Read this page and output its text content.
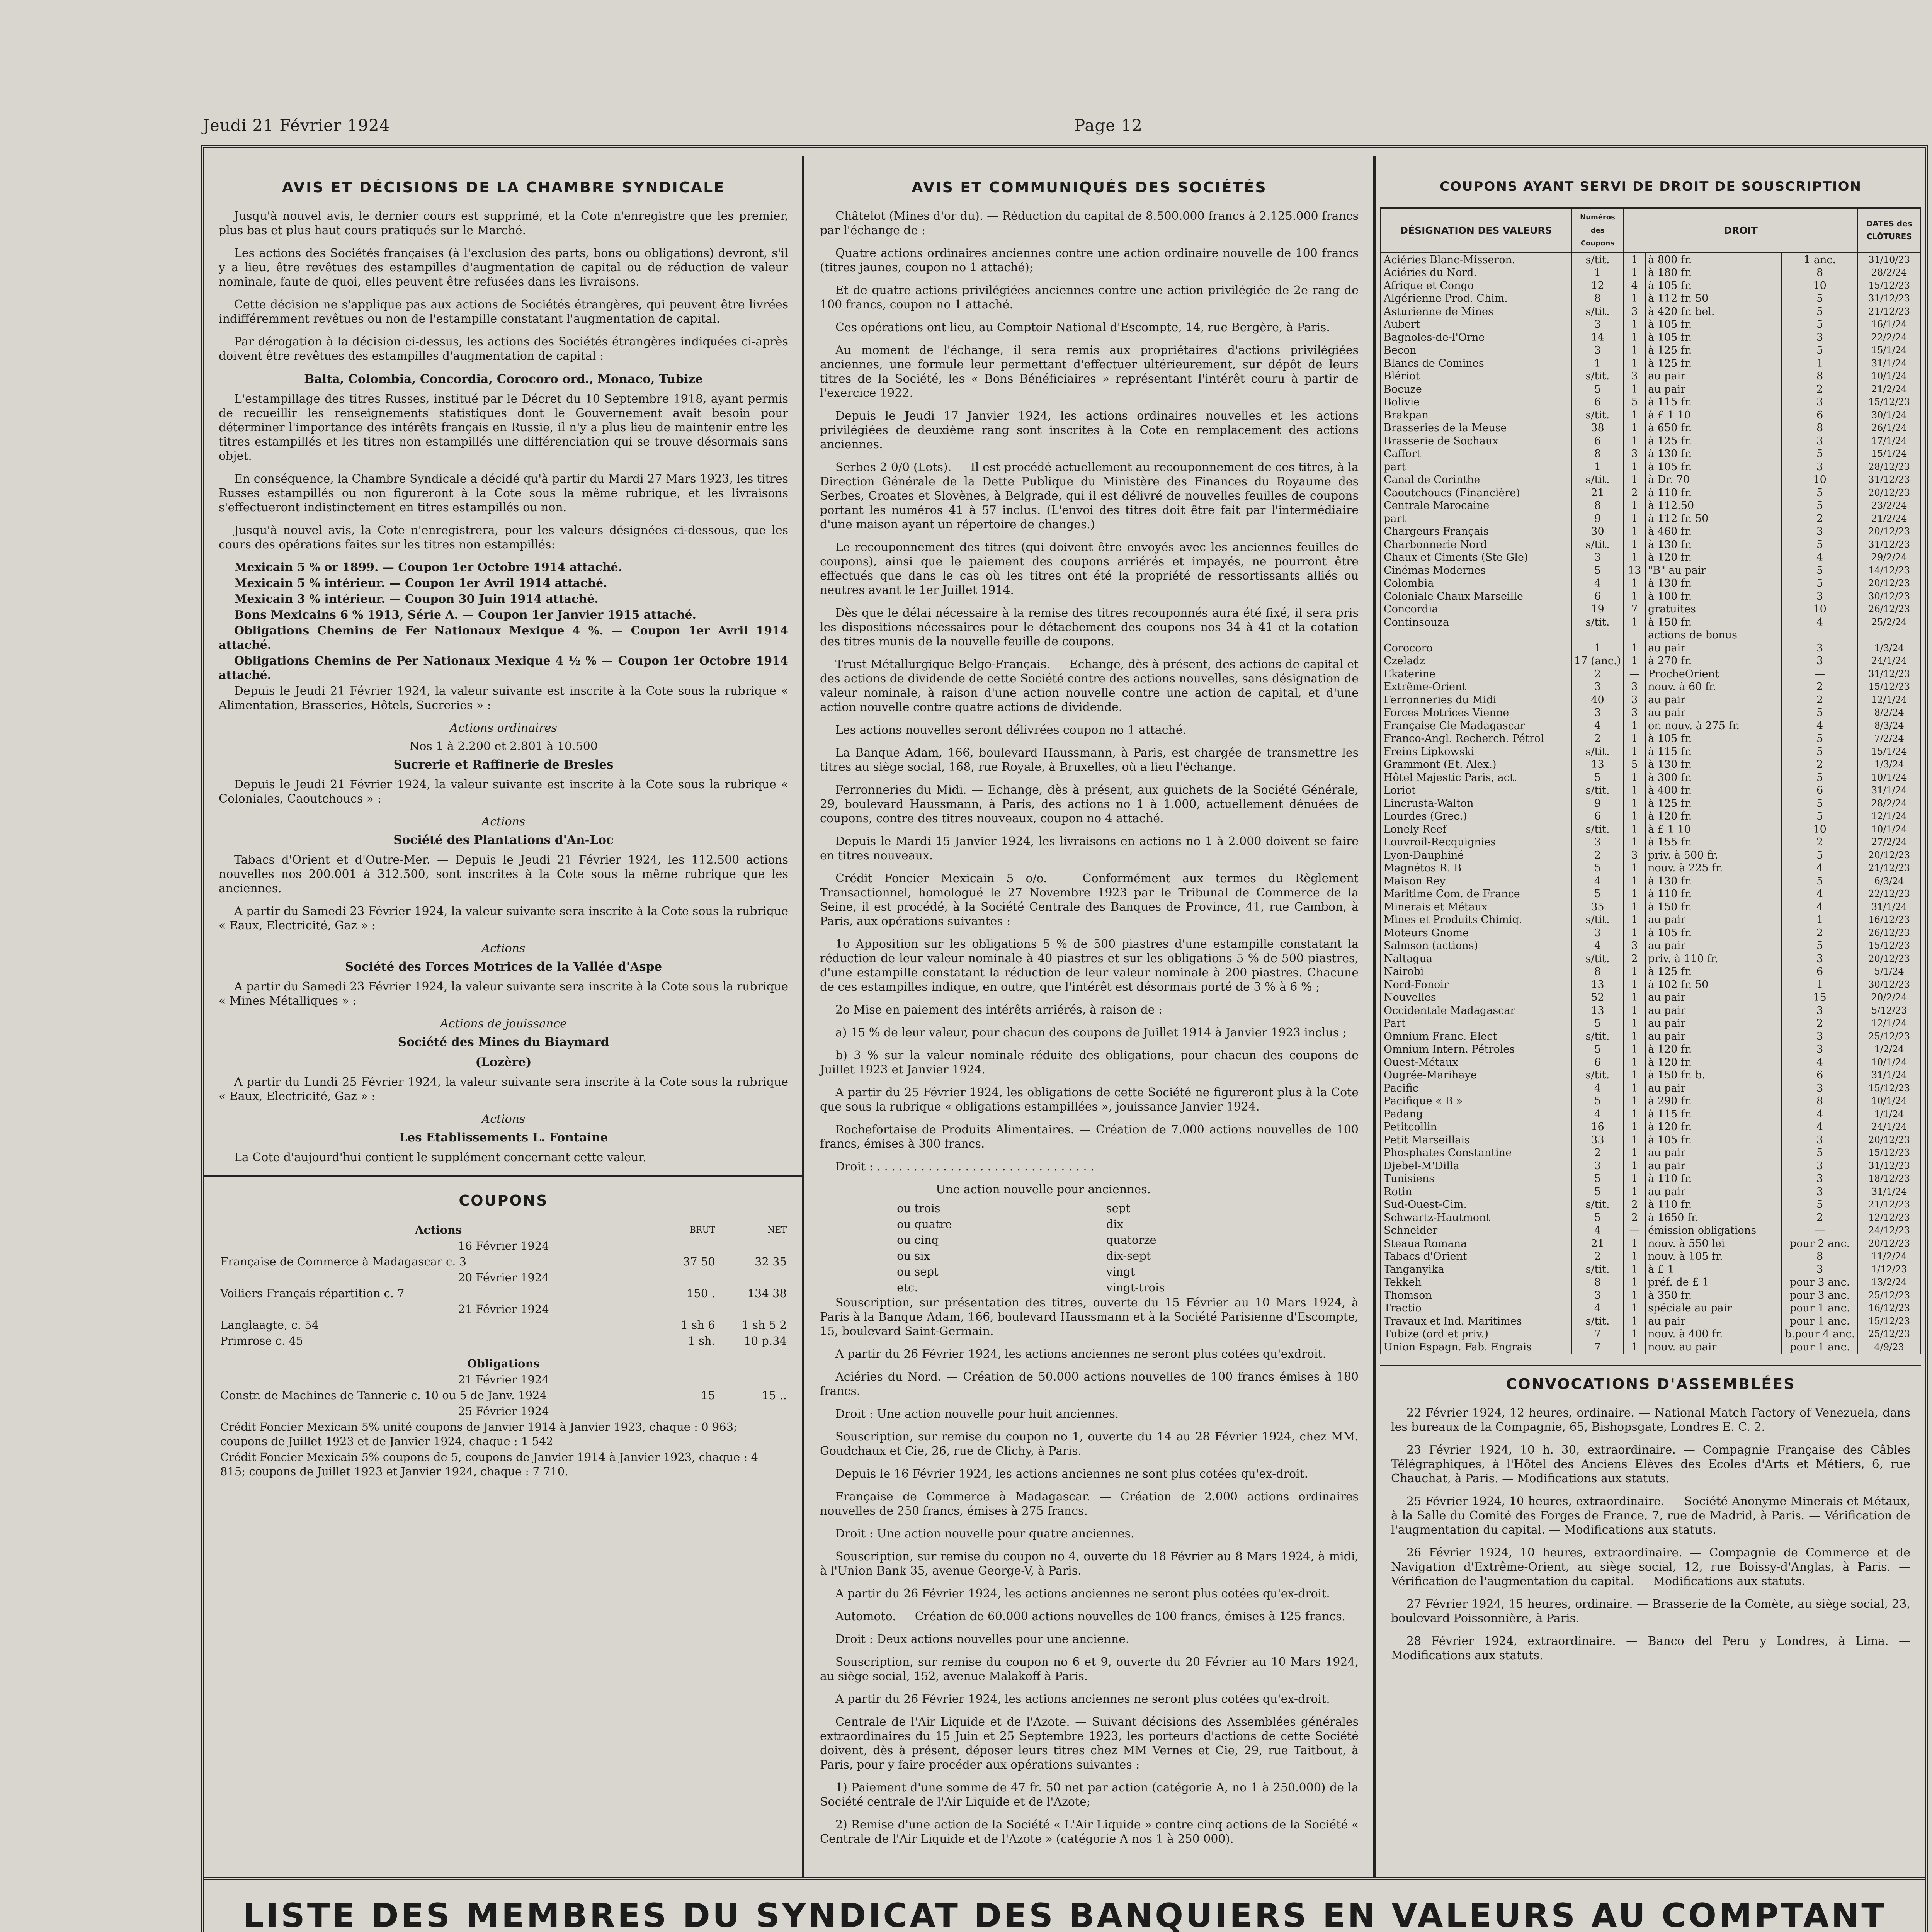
Jeudi 21 Février 1924	Page 12
AVIS ET DÉCISIONS DE LA CHAMBRE SYNDICALE

Jusqu'à nouvel avis, le dernier cours est supprimé, et la Cote n'enregistre que les premier, plus bas et plus haut cours pratiqués sur le Marché.

Les actions des Sociétés françaises (à l'exclusion des parts, bons ou obligations) devront, s'il y a lieu, être revêtues des estampilles d'augmentation de capital ou de réduction de valeur nominale, faute de quoi, elles peuvent être refusées dans les livraisons.

Cette décision ne s'applique pas aux actions de Sociétés étrangères, qui peuvent être livrées indifféremment revêtues ou non de l'estampille constatant l'augmentation de capital.

Par dérogation à la décision ci-dessus, les actions des Sociétés étrangères indiquées ci-après doivent être revêtues des estampilles d'augmentation de capital :

Balta, Colombia, Concordia, Corocoro ord., Monaco, Tubize

L'estampillage des titres Russes, institué par le Décret du 10 Septembre 1918, ayant permis de recueillir les renseignements statistiques dont le Gouvernement avait besoin pour déterminer l'importance des intérêts français en Russie, il n'y a plus lieu de maintenir entre les titres estampillés et les titres non estampillés une différenciation qui se trouve désormais sans objet.

En conséquence, la Chambre Syndicale a décidé qu'à partir du Mardi 27 Mars 1923, les titres Russes estampillés ou non figureront à la Cote sous la même rubrique, et les livraisons s'effectueront indistinctement en titres estampillés ou non.

Jusqu'à nouvel avis, la Cote n'enregistrera, pour les valeurs désignées ci-dessous, que les cours des opérations faites sur les titres non estampillés:

Mexicain 5 % or 1899. — Coupon 1er Octobre 1914 attaché.

Mexicain 5 % intérieur. — Coupon 1er Avril 1914 attaché.

Mexicain 3 % intérieur. — Coupon 30 Juin 1914 attaché.

Bons Mexicains 6 % 1913, Série A. — Coupon 1er Janvier 1915 attaché.

Obligations Chemins de Fer Nationaux Mexique 4 %. — Coupon 1er Avril 1914 attaché.

Obligations Chemins de Per Nationaux Mexique 4 ½ % — Coupon 1er Octobre 1914 attaché.

Depuis le Jeudi 21 Février 1924, la valeur suivante est inscrite à la Cote sous la rubrique « Alimentation, Brasseries, Hôtels, Sucreries » :

Actions ordinaires

Nos 1 à 2.200 et 2.801 à 10.500

Sucrerie et Raffinerie de Bresles

Depuis le Jeudi 21 Février 1924, la valeur suivante est inscrite à la Cote sous la rubrique « Coloniales, Caoutchoucs » :

Actions

Société des Plantations d'An-Loc

Tabacs d'Orient et d'Outre-Mer. — Depuis le Jeudi 21 Février 1924, les 112.500 actions nouvelles nos 200.001 à 312.500, sont inscrites à la Cote sous la même rubrique que les anciennes.

A partir du Samedi 23 Février 1924, la valeur suivante sera inscrite à la Cote sous la rubrique « Eaux, Electricité, Gaz » :

Actions

Société des Forces Motrices de la Vallée d'Aspe

A partir du Samedi 23 Février 1924, la valeur suivante sera inscrite à la Cote sous la rubrique « Mines Métalliques » :

Actions de jouissance

Société des Mines du Biaymard

(Lozère)

A partir du Lundi 25 Février 1924, la valeur suivante sera inscrite à la Cote sous la rubrique « Eaux, Electricité, Gaz » :

Actions

Les Etablissements L. Fontaine

La Cote d'aujourd'hui contient le supplément concernant cette valeur.

COUPONS
Actions	BRUT	NET
16 Février 1924		
Française de Commerce à Madagascar c. 3	37 50	32 35
20 Février 1924		
Voiliers Français répartition c. 7	150 .	134 38
21 Février 1924		
Langlaagte, c. 54	1 sh 6	1 sh 5 2
Primrose c. 45	1 sh.	10 p.34
Obligations		
21 Février 1924		
Constr. de Machines de Tannerie c. 10 ou 5 de Janv. 1924	15	15 ..
25 Février 1924		
Crédit Foncier Mexicain 5% unité coupons de Janvier 1914 à Janvier 1923, chaque : 0 963; coupons de Juillet 1923 et de Janvier 1924, chaque : 1 542		
Crédit Foncier Mexicain 5% coupons de 5, coupons de Janvier 1914 à Janvier 1923, chaque : 4 815; coupons de Juillet 1923 et Janvier 1924, chaque : 7 710.		
AVIS ET COMMUNIQUÉS DES SOCIÉTÉS

Châtelot (Mines d'or du). — Réduction du capital de 8.500.000 francs à 2.125.000 francs par l'échange de :

Quatre actions ordinaires anciennes contre une action ordinaire nouvelle de 100 francs (titres jaunes, coupon no 1 attaché);

Et de quatre actions privilégiées anciennes contre une action privilégiée de 2e rang de 100 francs, coupon no 1 attaché.

Ces opérations ont lieu, au Comptoir National d'Escompte, 14, rue Bergère, à Paris.

Au moment de l'échange, il sera remis aux propriétaires d'actions privilégiées anciennes, une formule leur permettant d'effectuer ultérieurement, sur dépôt de leurs titres de la Société, les « Bons Bénéficiaires » représentant l'intérêt couru à partir de l'exercice 1922.

Depuis le Jeudi 17 Janvier 1924, les actions ordinaires nouvelles et les actions privilégiées de deuxième rang sont inscrites à la Cote en remplacement des actions anciennes.

Serbes 2 0/0 (Lots). — Il est procédé actuellement au recouponnement de ces titres, à la Direction Générale de la Dette Publique du Ministère des Finances du Royaume des Serbes, Croates et Slovènes, à Belgrade, qui il est délivré de nouvelles feuilles de coupons portant les numéros 41 à 57 inclus. (L'envoi des titres doit être fait par l'intermédiaire d'une maison ayant un répertoire de changes.)

Le recouponnement des titres (qui doivent être envoyés avec les anciennes feuilles de coupons), ainsi que le paiement des coupons arriérés et impayés, ne pourront être effectués que dans le cas où les titres ont été la propriété de ressortissants alliés ou neutres avant le 1er Juillet 1914.

Dès que le délai nécessaire à la remise des titres recouponnés aura été fixé, il sera pris les dispositions nécessaires pour le détachement des coupons nos 34 à 41 et la cotation des titres munis de la nouvelle feuille de coupons.

Trust Métallurgique Belgo-Français. — Echange, dès à présent, des actions de capital et des actions de dividende de cette Société contre des actions nouvelles, sans désignation de valeur nominale, à raison d'une action nouvelle contre une action de capital, et d'une action nouvelle contre quatre actions de dividende.

Les actions nouvelles seront délivrées coupon no 1 attaché.

La Banque Adam, 166, boulevard Haussmann, à Paris, est chargée de transmettre les titres au siège social, 168, rue Royale, à Bruxelles, où a lieu l'échange.

Ferronneries du Midi. — Echange, dès à présent, aux guichets de la Société Générale, 29, boulevard Haussmann, à Paris, des actions no 1 à 1.000, actuellement dénuées de coupons, contre des titres nouveaux, coupon no 4 attaché.

Depuis le Mardi 15 Janvier 1924, les livraisons en actions no 1 à 2.000 doivent se faire en titres nouveaux.

Crédit Foncier Mexicain 5 o/o. — Conformément aux termes du Règlement Transactionnel, homologué le 27 Novembre 1923 par le Tribunal de Commerce de la Seine, il est procédé, à la Société Centrale des Banques de Province, 41, rue Cambon, à Paris, aux opérations suivantes :

1o Apposition sur les obligations 5 % de 500 piastres d'une estampille constatant la réduction de leur valeur nominale à 40 piastres et sur les obligations 5 % de 500 piastres, d'une estampille constatant la réduction de leur valeur nominale à 200 piastres. Chacune de ces estampilles indique, en outre, que l'intérêt est désormais porté de 3 % à 6 % ;

2o Mise en paiement des intérêts arriérés, à raison de :

a) 15 % de leur valeur, pour chacun des coupons de Juillet 1914 à Janvier 1923 inclus ;

b) 3 % sur la valeur nominale réduite des obligations, pour chacun des coupons de Juillet 1923 et Janvier 1924.

A partir du 25 Février 1924, les obligations de cette Société ne figureront plus à la Cote que sous la rubrique « obligations estampillées », jouissance Janvier 1924.

Rochefortaise de Produits Alimentaires. — Création de 7.000 actions nouvelles de 100 francs, émises à 300 francs.

Droit : . . . . . . . . . . . . . . . . . . . . . . . . . . . . . .

Une action nouvelle pour anciennes.

ou trois	sept
ou quatre	dix
ou cinq	quatorze
ou six	dix-sept
ou sept	vingt
etc.	vingt-trois

Souscription, sur présentation des titres, ouverte du 15 Février au 10 Mars 1924, à Paris à la Banque Adam, 166, boulevard Haussmann et à la Société Parisienne d'Escompte, 15, boulevard Saint-Germain.

A partir du 26 Février 1924, les actions anciennes ne seront plus cotées qu'exdroit.

Aciéries du Nord. — Création de 50.000 actions nouvelles de 100 francs émises à 180 francs.

Droit : Une action nouvelle pour huit anciennes.

Souscription, sur remise du coupon no 1, ouverte du 14 au 28 Février 1924, chez MM. Goudchaux et Cie, 26, rue de Clichy, à Paris.

Depuis le 16 Février 1924, les actions anciennes ne sont plus cotées qu'ex-droit.

Française de Commerce à Madagascar. — Création de 2.000 actions ordinaires nouvelles de 250 francs, émises à 275 francs.

Droit : Une action nouvelle pour quatre anciennes.

Souscription, sur remise du coupon no 4, ouverte du 18 Février au 8 Mars 1924, à midi, à l'Union Bank 35, avenue George-V, à Paris.

A partir du 26 Février 1924, les actions anciennes ne seront plus cotées qu'ex-droit.

Automoto. — Création de 60.000 actions nouvelles de 100 francs, émises à 125 francs.

Droit : Deux actions nouvelles pour une ancienne.

Souscription, sur remise du coupon no 6 et 9, ouverte du 20 Février au 10 Mars 1924, au siège social, 152, avenue Malakoff à Paris.

A partir du 26 Février 1924, les actions anciennes ne seront plus cotées qu'ex-droit.

Centrale de l'Air Liquide et de l'Azote. — Suivant décisions des Assemblées générales extraordinaires du 15 Juin et 25 Septembre 1923, les porteurs d'actions de cette Société doivent, dès à présent, déposer leurs titres chez MM Vernes et Cie, 29, rue Taitbout, à Paris, pour y faire procéder aux opérations suivantes :

1) Paiement d'une somme de 47 fr. 50 net par action (catégorie A, no 1 à 250.000) de la Société centrale de l'Air Liquide et de l'Azote;

2) Remise d'une action de la Société « L'Air Liquide » contre cinq actions de la Société « Centrale de l'Air Liquide et de l'Azote » (catégorie A nos 1 à 250 000).

COUPONS AYANT SERVI DE DROIT DE SOUSCRIPTION
DÉSIGNATION DES VALEURS	Numéros des Coupons	DROIT			DATES des CLÔTURES
Aciéries Blanc-Misseron.	s/tit.	1	à 800 fr.	1 anc.	31/10/23
Aciéries du Nord.	1	1	à 180 fr.	8	28/2/24
Afrique et Congo	12	4	à 105 fr.	10	15/12/23
Algérienne Prod. Chim.	8	1	à 112 fr. 50	5	31/12/23
Asturienne de Mines	s/tit.	3	à 420 fr. bel.	5	21/12/23
Aubert	3	1	à 105 fr.	5	16/1/24
Bagnoles-de-l'Orne	14	1	à 105 fr.	3	22/2/24
Becon	3	1	à 125 fr.	5	15/1/24
Blancs de Comines	1	1	à 125 fr.	1	31/1/24
Blériot	s/tit.	3	au pair	8	10/1/24
Bocuze	5	1	au pair	2	21/2/24
Bolivie	6	5	à 115 fr.	3	15/12/23
Brakpan	s/tit.	1	à £ 1 10	6	30/1/24
Brasseries de la Meuse	38	1	à 650 fr.	8	26/1/24
Brasserie de Sochaux	6	1	à 125 fr.	3	17/1/24
Caffort	8	3	à 130 fr.	5	15/1/24
part	1	1	à 105 fr.	3	28/12/23
Canal de Corinthe	s/tit.	1	à Dr. 70	10	31/12/23
Caoutchoucs (Financière)	21	2	à 110 fr.	5	20/12/23
Centrale Marocaine	8	1	à 112.50	5	23/2/24
part	9	1	à 112 fr. 50	2	21/2/24
Chargeurs Français	30	1	à 460 fr.	3	20/12/23
Charbonnerie Nord	s/tit.	1	à 130 fr.	5	31/12/23
Chaux et Ciments (Ste Gle)	3	1	à 120 fr.	4	29/2/24
Cinémas Modernes	5	13	"B" au pair	5	14/12/23
Colombia	4	1	à 130 fr.	5	20/12/23
Coloniale Chaux Marseille	6	1	à 100 fr.	3	30/12/23
Concordia	19	7	gratuites	10	26/12/23
Continsouza	s/tit.	1	à 150 fr.	4	25/2/24
			actions de bonus		
Corocoro	1	1	au pair	3	1/3/24
Czeladz	17 (anc.)	1	à 270 fr.	3	24/1/24
Ekaterine	2	—	ProcheOrient	—	31/12/23
Extrême-Orient	3	3	nouv. à 60 fr.	2	15/12/23
Ferronneries du Midi	40	3	au pair	2	12/1/24
Forces Motrices Vienne	3	3	au pair	5	8/2/24
Française Cie Madagascar	4	1	or. nouv. à 275 fr.	4	8/3/24
Franco-Angl. Recherch. Pétrol	2	1	à 105 fr.	5	7/2/24
Freins Lipkowski	s/tit.	1	à 115 fr.	5	15/1/24
Grammont (Et. Alex.)	13	5	à 130 fr.	2	1/3/24
Hôtel Majestic Paris, act.	5	1	à 300 fr.	5	10/1/24
Loriot	s/tit.	1	à 400 fr.	6	31/1/24
Lincrusta-Walton	9	1	à 125 fr.	5	28/2/24
Lourdes (Grec.)	6	1	à 120 fr.	5	12/1/24
Lonely Reef	s/tit.	1	à £ 1 10	10	10/1/24
Louvroil-Recquignies	3	1	à 155 fr.	2	27/2/24
Lyon-Dauphiné	2	3	priv. à 500 fr.	5	20/12/23
Magnétos R. B	5	1	nouv. à 225 fr.	4	21/12/23
Maison Rey	4	1	à 130 fr.	5	6/3/24
Maritime Com. de France	5	1	à 110 fr.	4	22/12/23
Minerais et Métaux	35	1	à 150 fr.	4	31/1/24
Mines et Produits Chimiq.	s/tit.	1	au pair	1	16/12/23
Moteurs Gnome	3	1	à 105 fr.	2	26/12/23
Salmson (actions)	4	3	au pair	5	15/12/23
Naltagua	s/tit.	2	priv. à 110 fr.	3	20/12/23
Nairobi	8	1	à 125 fr.	6	5/1/24
Nord-Fonoir	13	1	à 102 fr. 50	1	30/12/23
Nouvelles	52	1	au pair	15	20/2/24
Occidentale Madagascar	13	1	au pair	3	5/12/23
Part	5	1	au pair	2	12/1/24
Omnium Franc. Elect	s/tit.	1	au pair	3	25/12/23
Omnium Intern. Pétroles	5	1	à 120 fr.	3	1/2/24
Ouest-Métaux	6	1	à 120 fr.	4	10/1/24
Ougrée-Marihaye	s/tit.	1	à 150 fr. b.	6	31/1/24
Pacific	4	1	au pair	3	15/12/23
Pacifique « B »	5	1	à 290 fr.	8	10/1/24
Padang	4	1	à 115 fr.	4	1/1/24
Petitcollin	16	1	à 120 fr.	4	24/1/24
Petit Marseillais	33	1	à 105 fr.	3	20/12/23
Phosphates Constantine	2	1	au pair	5	15/12/23
Djebel-M'Dilla	3	1	au pair	3	31/12/23
Tunisiens	5	1	à 110 fr.	3	18/12/23
Rotin	5	1	au pair	3	31/1/24
Sud-Ouest-Cim.	s/tit.	2	à 110 fr.	5	21/12/23
Schwartz-Hautmont	5	2	à 1650 fr.	2	12/12/23
Schneider	4	—	émission obligations	—	24/12/23
Steaua Romana	21	1	nouv. à 550 lei	pour 2 anc.	20/12/23
Tabacs d'Orient	2	1	nouv. à 105 fr.	8	11/2/24
Tanganyika	s/tit.	1	à £ 1	3	1/12/23
Tekkeh	8	1	préf. de £ 1	pour 3 anc.	13/2/24
Thomson	3	1	à 350 fr.	pour 3 anc.	25/12/23
Tractio	4	1	spéciale au pair	pour 1 anc.	16/12/23
Travaux et Ind. Maritimes	s/tit.	1	au pair	pour 1 anc.	15/12/23
Tubize (ord et priv.)	7	1	nouv. à 400 fr.	b.pour 4 anc.	25/12/23
Union Espagn. Fab. Engrais	7	1	nouv. au pair	pour 1 anc.	4/9/23
CONVOCATIONS D'ASSEMBLÉES

22 Février 1924, 12 heures, ordinaire. — National Match Factory of Venezuela, dans les bureaux de la Compagnie, 65, Bishopsgate, Londres E. C. 2.

23 Février 1924, 10 h. 30, extraordinaire. — Compagnie Française des Câbles Télégraphiques, à l'Hôtel des Anciens Elèves des Ecoles d'Arts et Métiers, 6, rue Chauchat, à Paris. — Modifications aux statuts.

25 Février 1924, 10 heures, extraordinaire. — Société Anonyme Minerais et Métaux, à la Salle du Comité des Forges de France, 7, rue de Madrid, à Paris. — Vérification de l'augmentation du capital. — Modifications aux statuts.

26 Février 1924, 10 heures, extraordinaire. — Compagnie de Commerce et de Navigation d'Extrême-Orient, au siège social, 12, rue Boissy-d'Anglas, à Paris. — Vérification de l'augmentation du capital. — Modifications aux statuts.

27 Février 1924, 15 heures, ordinaire. — Brasserie de la Comète, au siège social, 23, boulevard Poissonnière, à Paris.

28 Février 1924, extraordinaire. — Banco del Peru y Londres, à Lima. — Modifications aux statuts.

LISTE DES MEMBRES DU SYNDICAT DES BANQUIERS EN VALEURS AU COMPTANT
